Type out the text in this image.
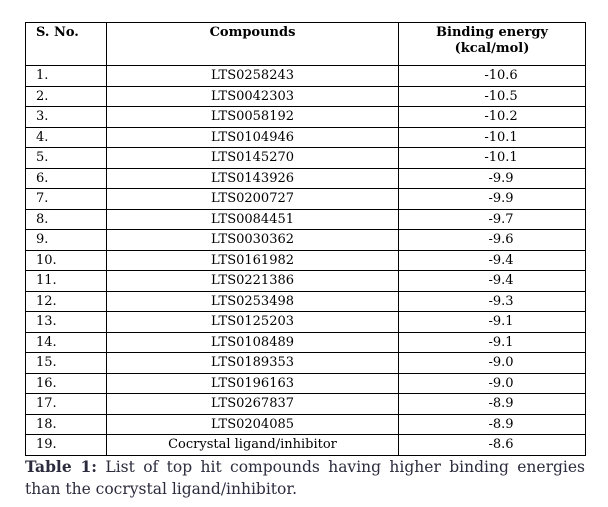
S. No.	Compounds	Binding energy
(kcal/mol)
1.	LTS0258243	-10.6
2.	LTS0042303	-10.5
3.	LTS0058192	-10.2
4.	LTS0104946	-10.1
5.	LTS0145270	-10.1
6.	LTS0143926	-9.9
7.	LTS0200727	-9.9
8.	LTS0084451	-9.7
9.	LTS0030362	-9.6
10.	LTS0161982	-9.4
11.	LTS0221386	-9.4
12.	LTS0253498	-9.3
13.	LTS0125203	-9.1
14.	LTS0108489	-9.1
15.	LTS0189353	-9.0
16.	LTS0196163	-9.0
17.	LTS0267837	-8.9
18.	LTS0204085	-8.9
19.	Cocrystal ligand/inhibitor	-8.6
Table 1: List of top hit compounds having higher binding energies than the cocrystal ligand/inhibitor.
